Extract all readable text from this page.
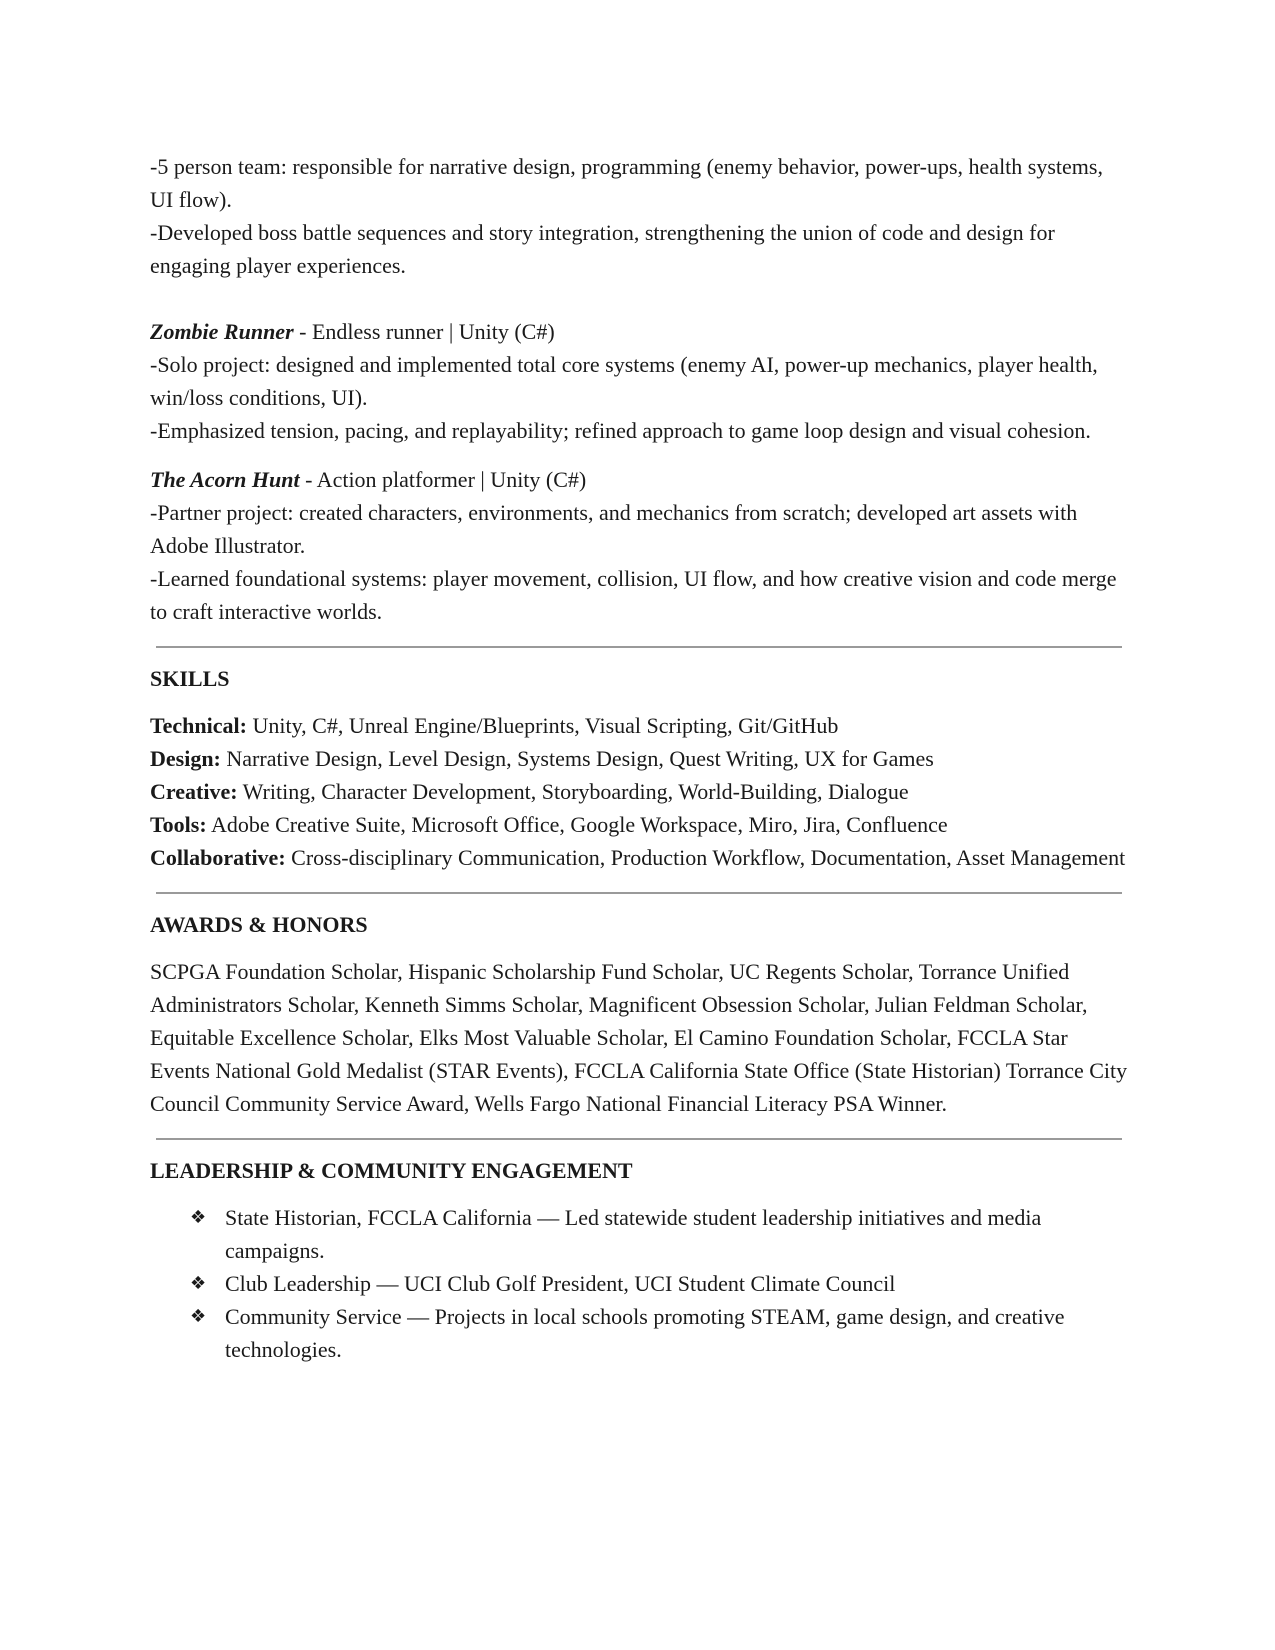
-5 person team: responsible for narrative design, programming (enemy behavior, power-ups, health systems, UI flow).

-Developed boss battle sequences and story integration, strengthening the union of code and design for engaging player experiences.

Zombie Runner - Endless runner | Unity (C#)

-Solo project: designed and implemented total core systems (enemy AI, power-up mechanics, player health, win/loss conditions, UI).

-Emphasized tension, pacing, and replayability; refined approach to game loop design and visual cohesion.

The Acorn Hunt - Action platformer | Unity (C#)

-Partner project: created characters, environments, and mechanics from scratch; developed art assets with Adobe Illustrator.

-Learned foundational systems: player movement, collision, UI flow, and how creative vision and code merge to craft interactive worlds.

SKILLS

Technical: Unity, C#, Unreal Engine/Blueprints, Visual Scripting, Git/GitHub

Design: Narrative Design, Level Design, Systems Design, Quest Writing, UX for Games

Creative: Writing, Character Development, Storyboarding, World-Building, Dialogue

Tools: Adobe Creative Suite, Microsoft Office, Google Workspace, Miro, Jira, Confluence

Collaborative: Cross-disciplinary Communication, Production Workflow, Documentation, Asset Management

AWARDS & HONORS

SCPGA Foundation Scholar, Hispanic Scholarship Fund Scholar, UC Regents Scholar, Torrance Unified Administrators Scholar, Kenneth Simms Scholar, Magnificent Obsession Scholar, Julian Feldman Scholar, Equitable Excellence Scholar, Elks Most Valuable Scholar, El Camino Foundation Scholar, FCCLA Star Events National Gold Medalist (STAR Events), FCCLA California State Office (State Historian) Torrance City Council Community Service Award, Wells Fargo National Financial Literacy PSA Winner.

LEADERSHIP & COMMUNITY ENGAGEMENT

❖ State Historian, FCCLA California — Led statewide student leadership initiatives and media campaigns.
❖ Club Leadership — UCI Club Golf President, UCI Student Climate Council
❖ Community Service — Projects in local schools promoting STEAM, game design, and creative technologies.
